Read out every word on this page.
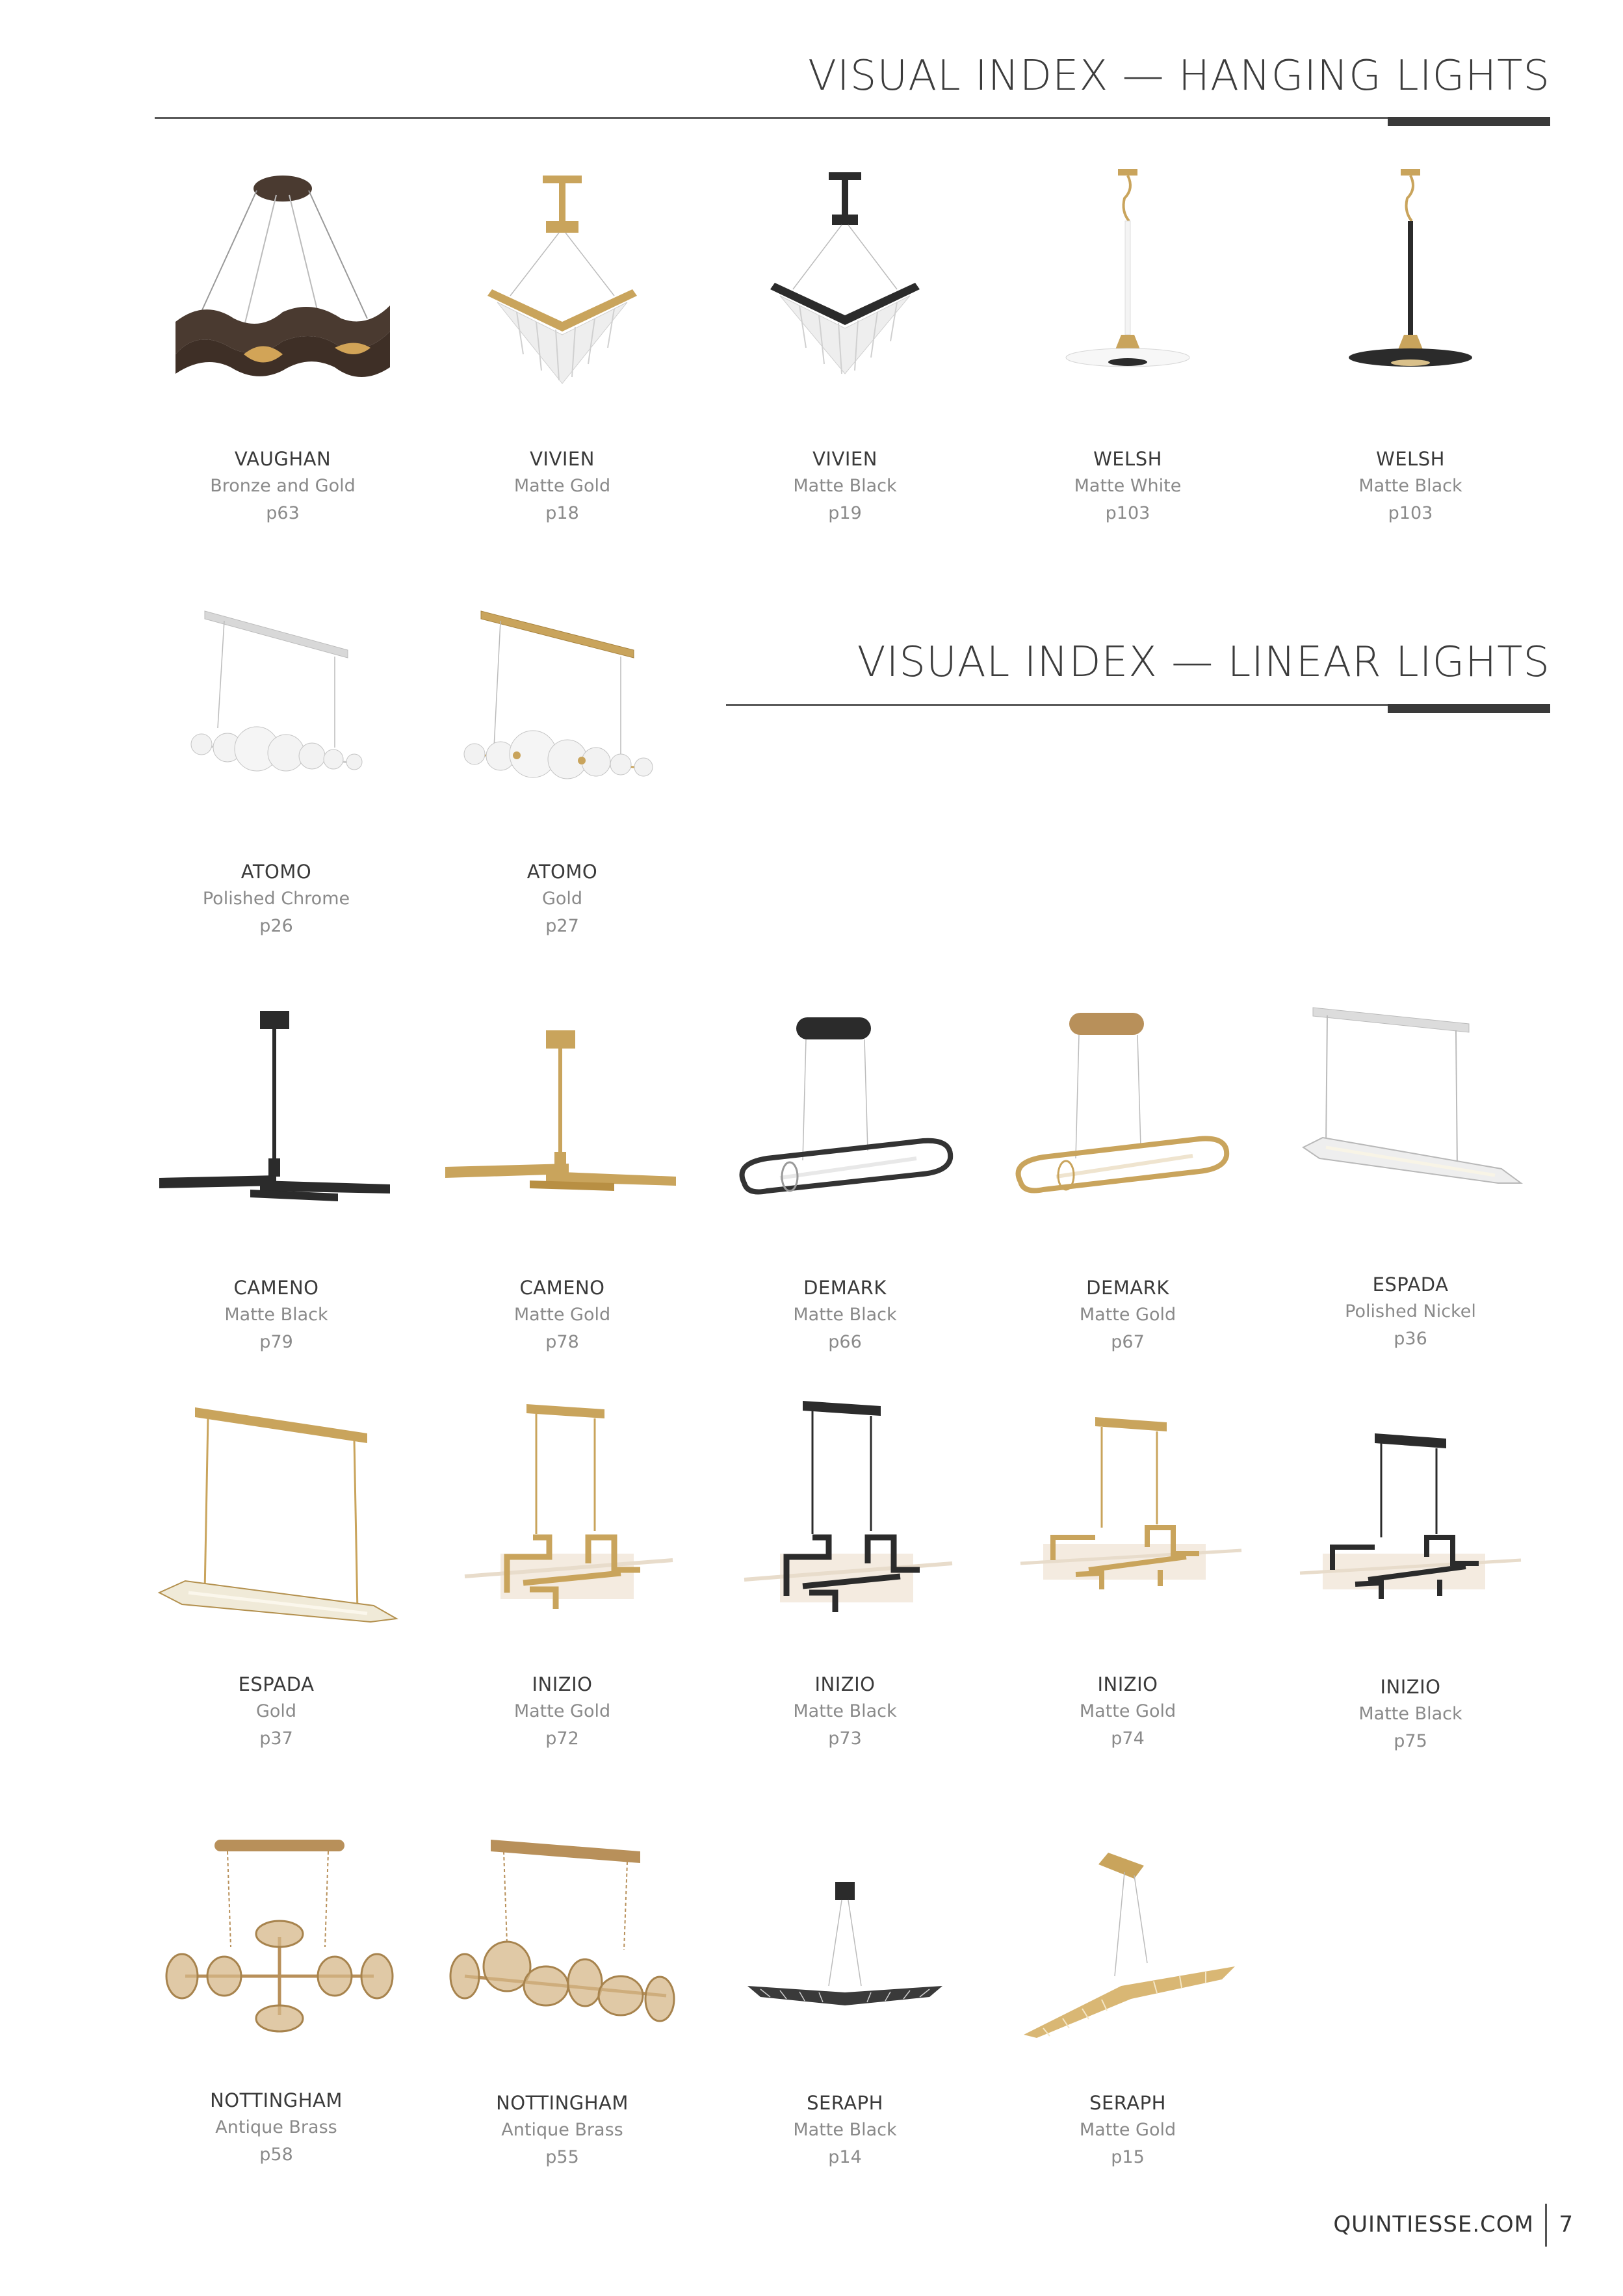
VISUAL INDEX — HANGING LIGHTS
VISUAL INDEX — LINEAR LIGHTS
VAUGHAN
Bronze and Gold
p63
VIVIEN
Matte Gold
p18
VIVIEN
Matte Black
p19
WELSH
Matte White
p103
WELSH
Matte Black
p103
ATOMO
Polished Chrome
p26
ATOMO
Gold
p27
CAMENO
Matte Black
p79
CAMENO
Matte Gold
p78
DEMARK
Matte Black
p66
DEMARK
Matte Gold
p67
ESPADA
Polished Nickel
p36
ESPADA
Gold
p37
INIZIO
Matte Gold
p72
INIZIO
Matte Black
p73
INIZIO
Matte Gold
p74
INIZIO
Matte Black
p75
NOTTINGHAM
Antique Brass
p58
NOTTINGHAM
Antique Brass
p55
SERAPH
Matte Black
p14
SERAPH
Matte Gold
p15
QUINTIESSE.COM 7
